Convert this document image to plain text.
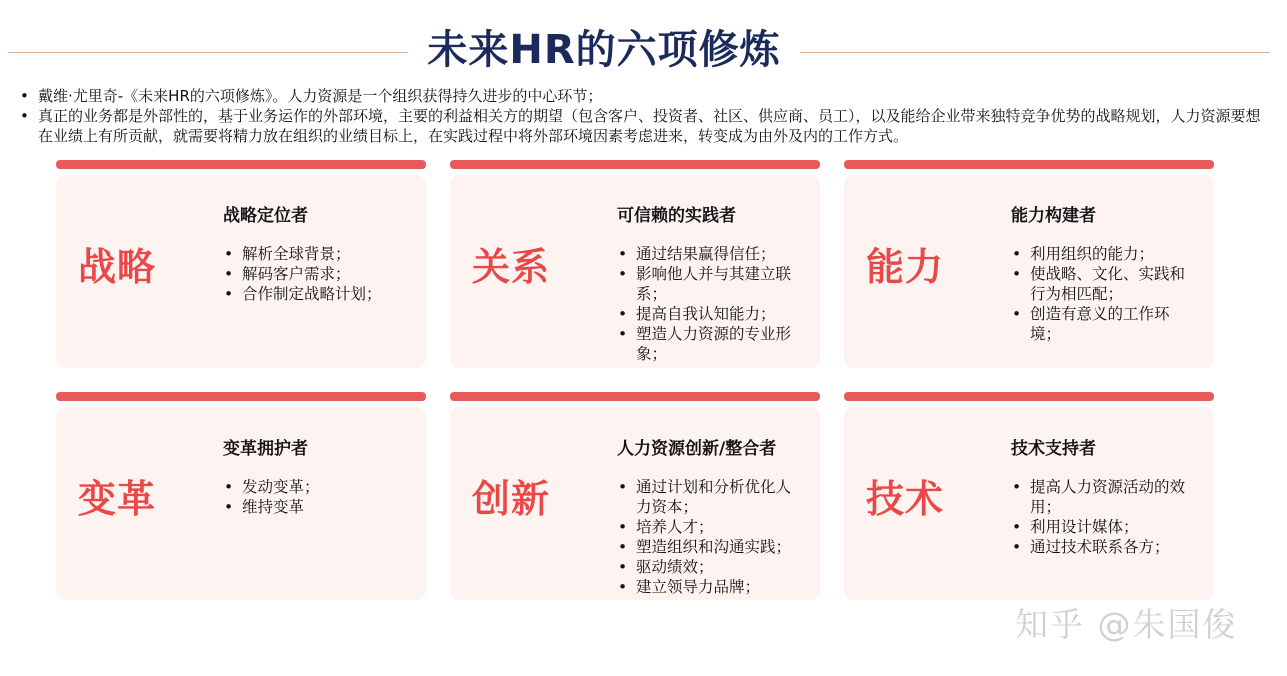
未来HR的六项修炼
• 戴维·尤里奇-《未来HR的六项修炼》。人力资源是一个组织获得持久进步的中心环节；
• 真正的业务都是外部性的，基于业务运作的外部环境，主要的利益相关方的期望（包含客户、投资者、社区、供应商、员工），以及能给企业带来独特竞争优势的战略规划，人力资源要想在业绩上有所贡献，就需要将精力放在组织的业绩目标上，在实践过程中将外部环境因素考虑进来，转变成为由外及内的工作方式。
战略
战略定位者
• 解析全球背景；
• 解码客户需求；
• 合作制定战略计划；
关系
可信赖的实践者
• 通过结果赢得信任；
• 影响他人并与其建立联系；
• 提高自我认知能力；
• 塑造人力资源的专业形象；
能力
能力构建者
• 利用组织的能力；
• 使战略、文化、实践和行为相匹配；
• 创造有意义的工作环境；
变革
变革拥护者
• 发动变革；
• 维持变革	创新
人力资源创新/整合者
• 通过计划和分析优化人力资本；
• 培养人才；
• 塑造组织和沟通实践；
• 驱动绩效；
• 建立领导力品牌；
技术
技术支持者
• 提高人力资源活动的效用；
• 利用设计媒体；
• 通过技术联系各方；
知乎 @朱国俊
